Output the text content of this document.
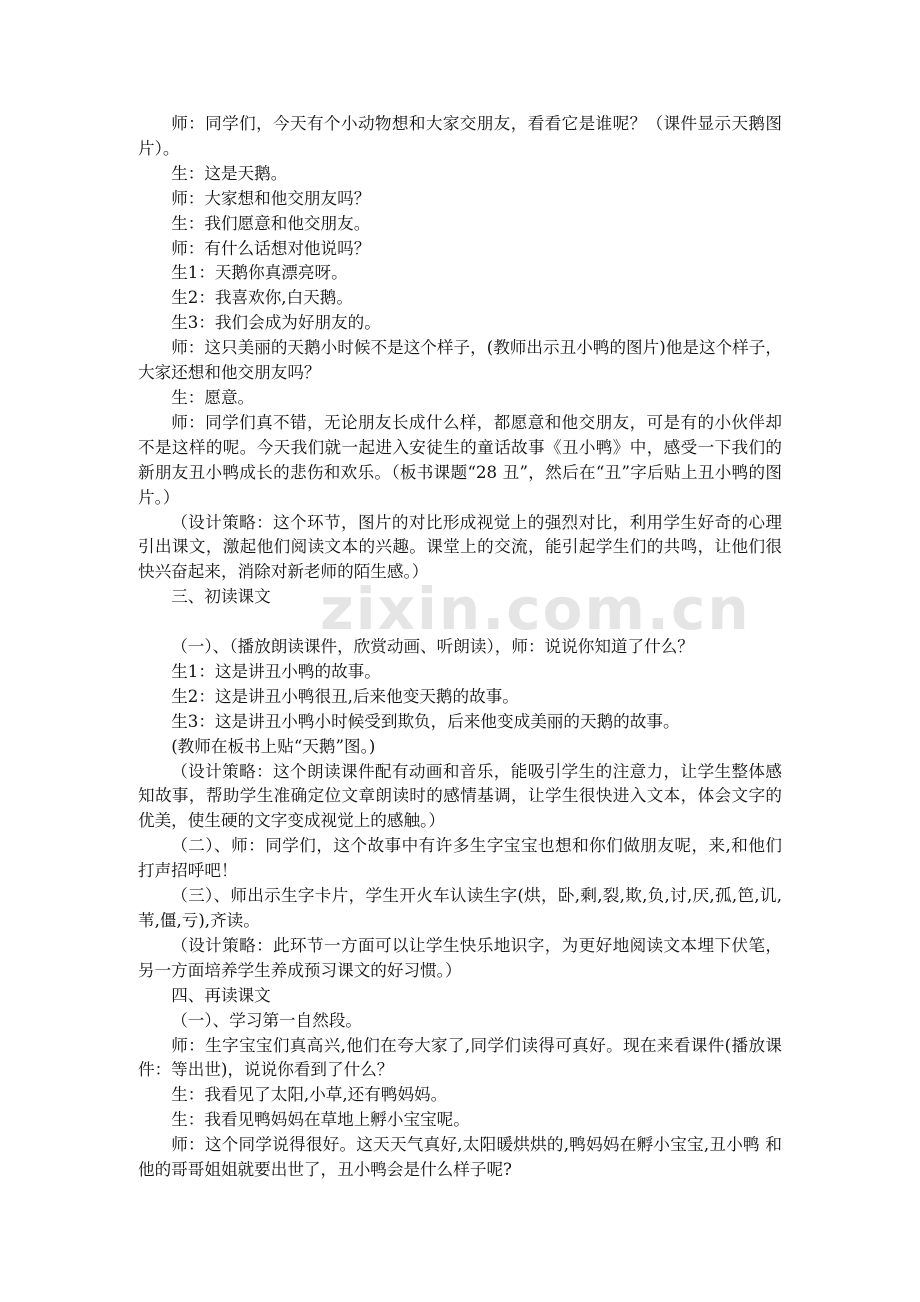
zixin.com.cn

师：同学们，今天有个小动物想和大家交朋友，看看它是谁呢？（课件显示天鹅图片）。

生：这是天鹅。

师：大家想和他交朋友吗？

生：我们愿意和他交朋友。

师：有什么话想对他说吗？

生1：天鹅你真漂亮呀。

生2：我喜欢你,白天鹅。

生3：我们会成为好朋友的。

师：这只美丽的天鹅小时候不是这个样子，(教师出示丑小鸭的图片)他是这个样子，大家还想和他交朋友吗？

生：愿意。

师：同学们真不错，无论朋友长成什么样，都愿意和他交朋友，可是有的小伙伴却不是这样的呢。今天我们就一起进入安徒生的童话故事《丑小鸭》中，感受一下我们的新朋友丑小鸭成长的悲伤和欢乐。（板书课题“28 丑”，然后在“丑”字后贴上丑小鸭的图片。）

（设计策略：这个环节，图片的对比形成视觉上的强烈对比，利用学生好奇的心理引出课文，激起他们阅读文本的兴趣。课堂上的交流，能引起学生们的共鸣，让他们很快兴奋起来，消除对新老师的陌生感。）

三、初读课文

（一）、（播放朗读课件，欣赏动画、听朗读），师：说说你知道了什么？

生1：这是讲丑小鸭的故事。

生2：这是讲丑小鸭很丑,后来他变天鹅的故事。

生3：这是讲丑小鸭小时候受到欺负，后来他变成美丽的天鹅的故事。

(教师在板书上贴“天鹅”图。)

（设计策略：这个朗读课件配有动画和音乐，能吸引学生的注意力，让学生整体感知故事，帮助学生准确定位文章朗读时的感情基调，让学生很快进入文本，体会文字的优美，使生硬的文字变成视觉上的感触。）

（二）、师：同学们，这个故事中有许多生字宝宝也想和你们做朋友呢，来,和他们打声招呼吧！

（三）、师出示生字卡片，学生开火车认读生字(烘，卧,剩,裂,欺,负,讨,厌,孤,笆,讥,苇,僵,亏),齐读。

（设计策略：此环节一方面可以让学生快乐地识字，为更好地阅读文本埋下伏笔，另一方面培养学生养成预习课文的好习惯。）

四、再读课文

（一）、学习第一自然段。

师：生字宝宝们真高兴,他们在夸大家了,同学们读得可真好。现在来看课件(播放课件：等出世)，说说你看到了什么？

生：我看见了太阳,小草,还有鸭妈妈。

生：我看见鸭妈妈在草地上孵小宝宝呢。

师：这个同学说得很好。这天天气真好,太阳暖烘烘的,鸭妈妈在孵小宝宝,丑小鸭 和他的哥哥姐姐就要出世了，丑小鸭会是什么样子呢?
